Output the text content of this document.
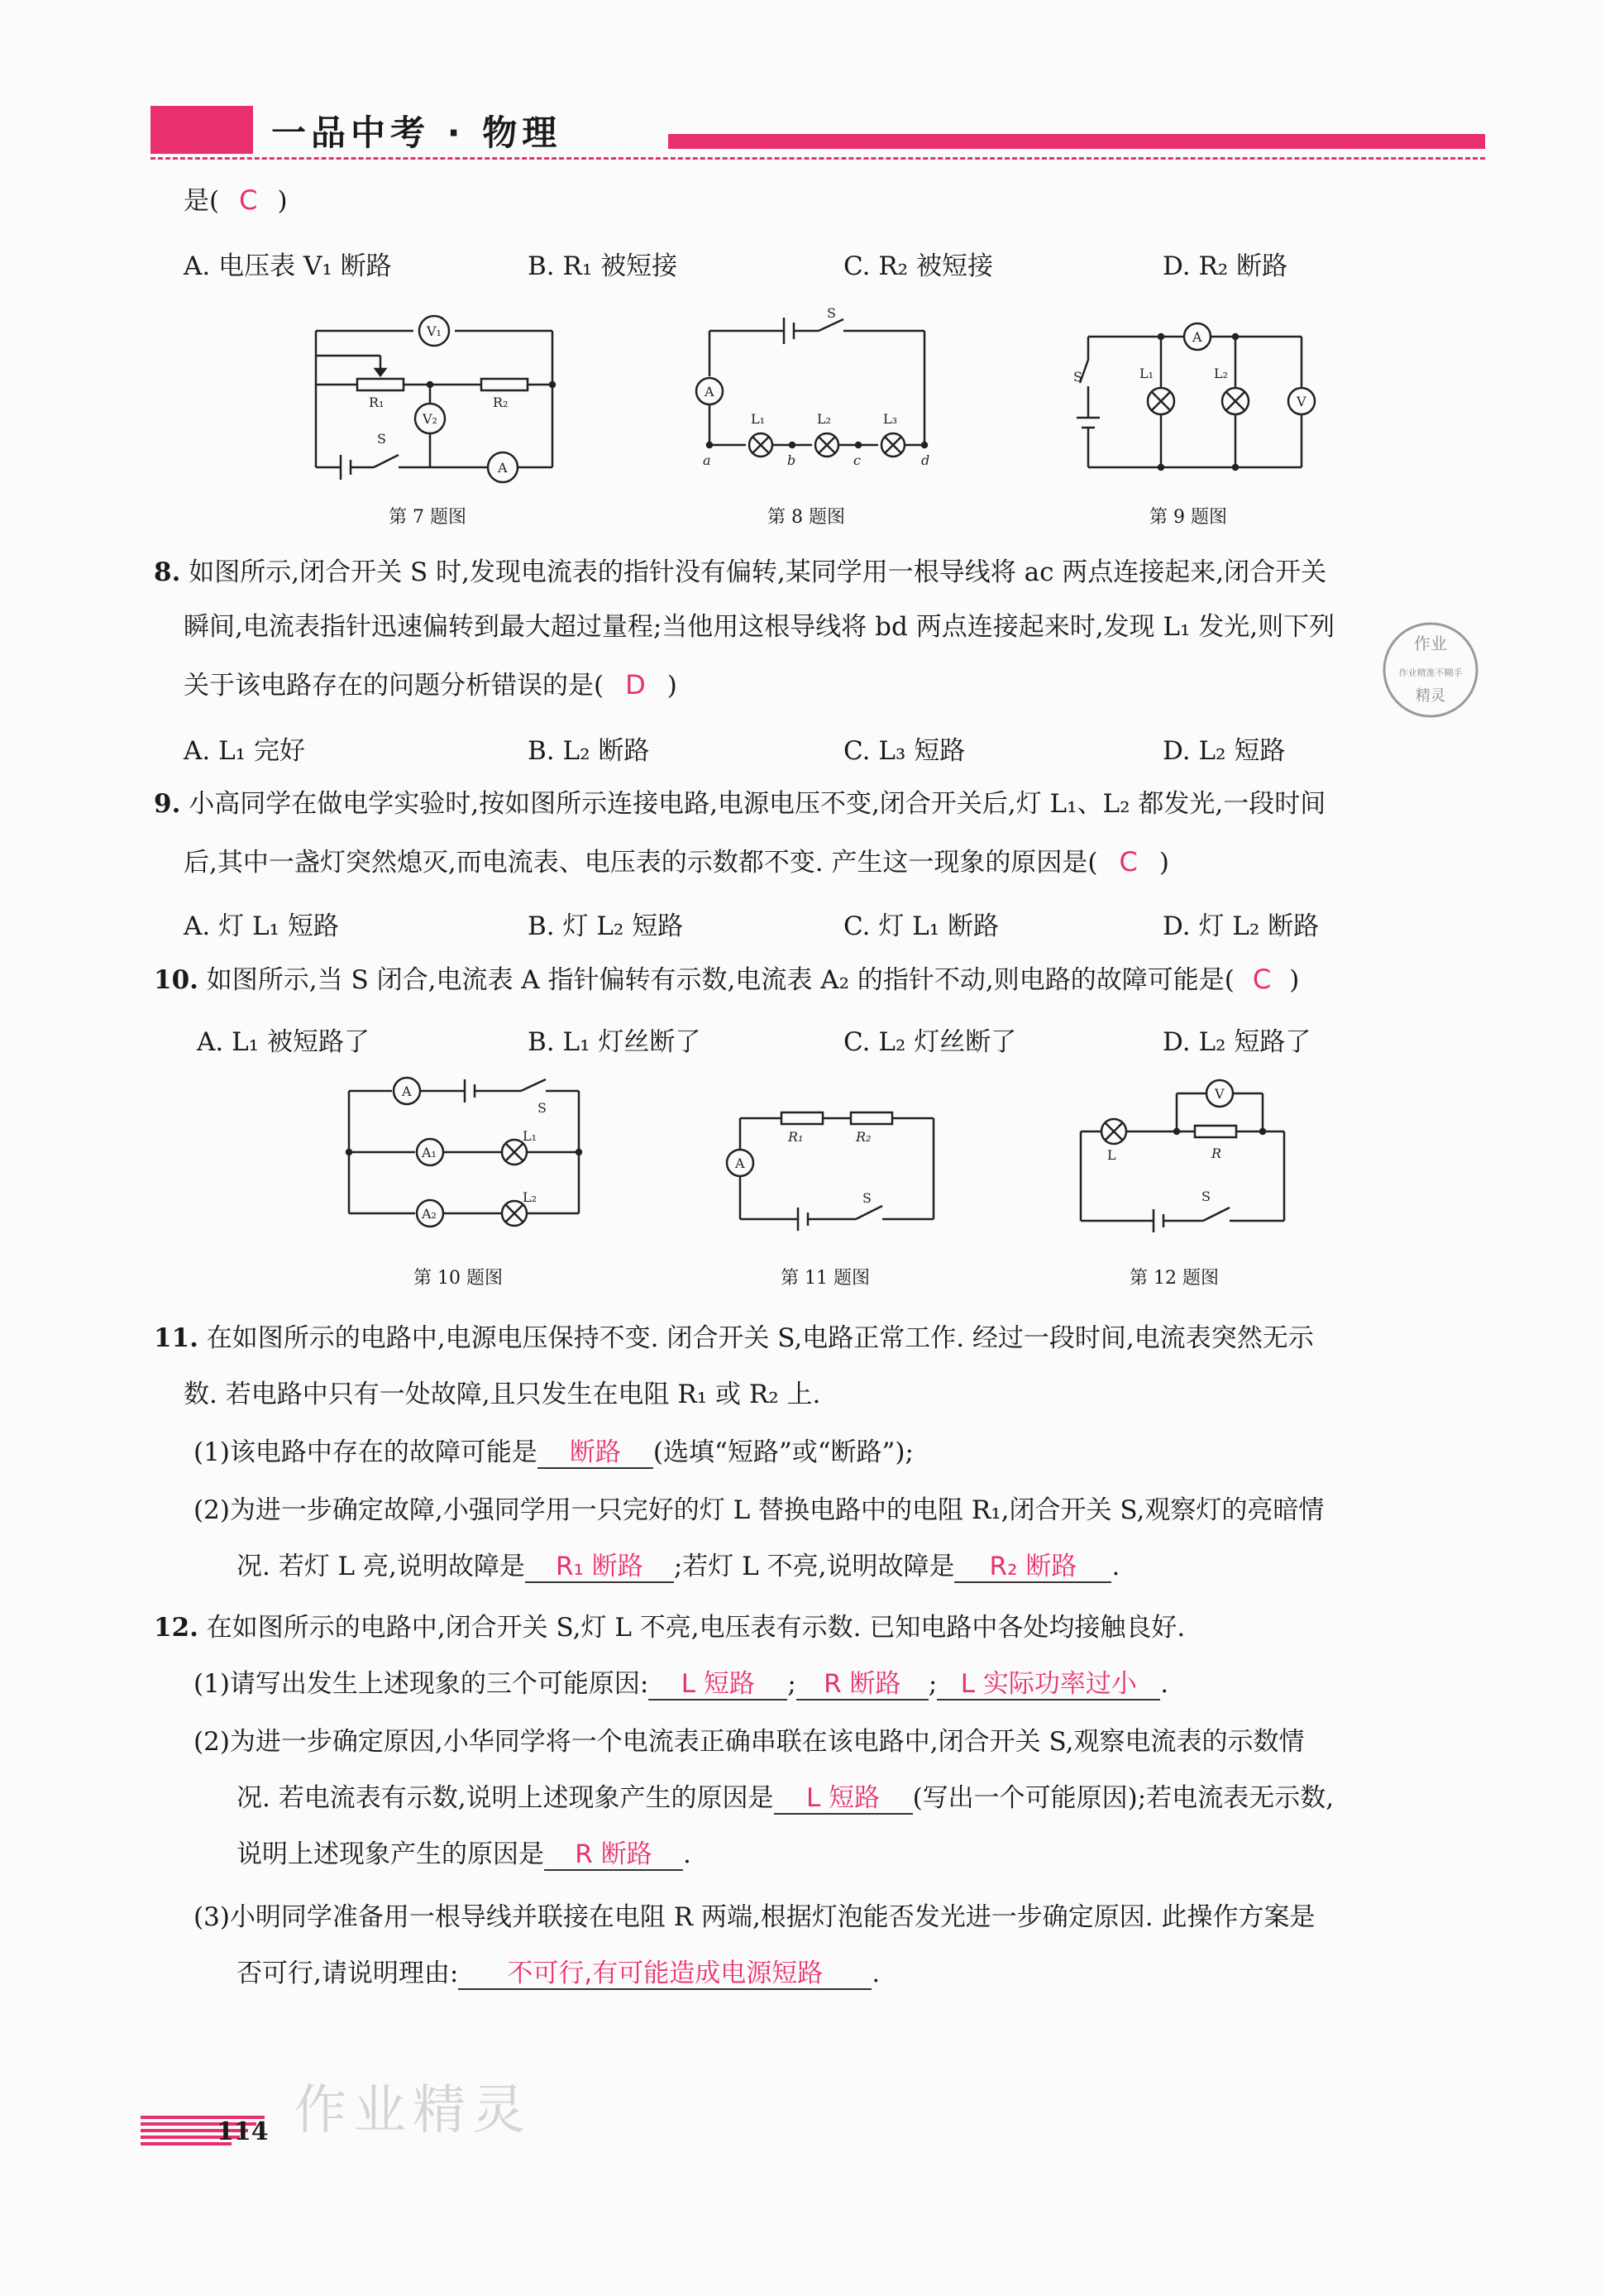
一品中考 · 物理
是( C )
A. 电压表 V₁ 断路	B. R₁ 被短接	C. R₂ 被短接	D. R₂ 断路
V₁
V₂
R₁	R₂
S
A
第 7 题图
A
S
L₁	L₂	L₃
a	b	c	d
第 8 题图
A
V
S	L₁	L₂
第 9 题图
8. 如图所示,闭合开关 S 时,发现电流表的指针没有偏转,某同学用一根导线将 ac 两点连接起来,闭合开关
瞬间,电流表指针迅速偏转到最大超过量程;当他用这根导线将 bd 两点连接起来时,发现 L₁ 发光,则下列
关于该电路存在的问题分析错误的是( D )
A. L₁ 完好	B. L₂ 断路	C. L₃ 短路	D. L₂ 短路
作业
作业精准不糊手
精灵
9. 小高同学在做电学实验时,按如图所示连接电路,电源电压不变,闭合开关后,灯 L₁、L₂ 都发光,一段时间
后,其中一盏灯突然熄灭,而电流表、电压表的示数都不变. 产生这一现象的原因是( C )
A. 灯 L₁ 短路	B. 灯 L₂ 短路	C. 灯 L₁ 断路	D. 灯 L₂ 断路
10. 如图所示,当 S 闭合,电流表 A 指针偏转有示数,电流表 A₂ 的指针不动,则电路的故障可能是( C )
A. L₁ 被短路了	B. L₁ 灯丝断了	C. L₂ 灯丝断了	D. L₂ 短路了
A
A₁
A₂
S
L₁
L₂
第 10 题图
A
R₁	R₂
S
第 11 题图
V
L	R
S
第 12 题图
11. 在如图所示的电路中,电源电压保持不变. 闭合开关 S,电路正常工作. 经过一段时间,电流表突然无示
数. 若电路中只有一处故障,且只发生在电阻 R₁ 或 R₂ 上.
(1)该电路中存在的故障可能是 断路 (选填“短路”或“断路”);
(2)为进一步确定故障,小强同学用一只完好的灯 L 替换电路中的电阻 R₁,闭合开关 S,观察灯的亮暗情
况. 若灯 L 亮,说明故障是 R₁ 断路 ;若灯 L 不亮,说明故障是 R₂ 断路 .
12. 在如图所示的电路中,闭合开关 S,灯 L 不亮,电压表有示数. 已知电路中各处均接触良好.
(1)请写出发生上述现象的三个可能原因: L 短路 ; R 断路 ; L 实际功率过小 .
(2)为进一步确定原因,小华同学将一个电流表正确串联在该电路中,闭合开关 S,观察电流表的示数情
况. 若电流表有示数,说明上述现象产生的原因是 L 短路 (写出一个可能原因);若电流表无示数,
说明上述现象产生的原因是 R 断路 .
(3)小明同学准备用一根导线并联接在电阻 R 两端,根据灯泡能否发光进一步确定原因. 此操作方案是
否可行,请说明理由: 不可行,有可能造成电源短路 .
作业精灵
114
